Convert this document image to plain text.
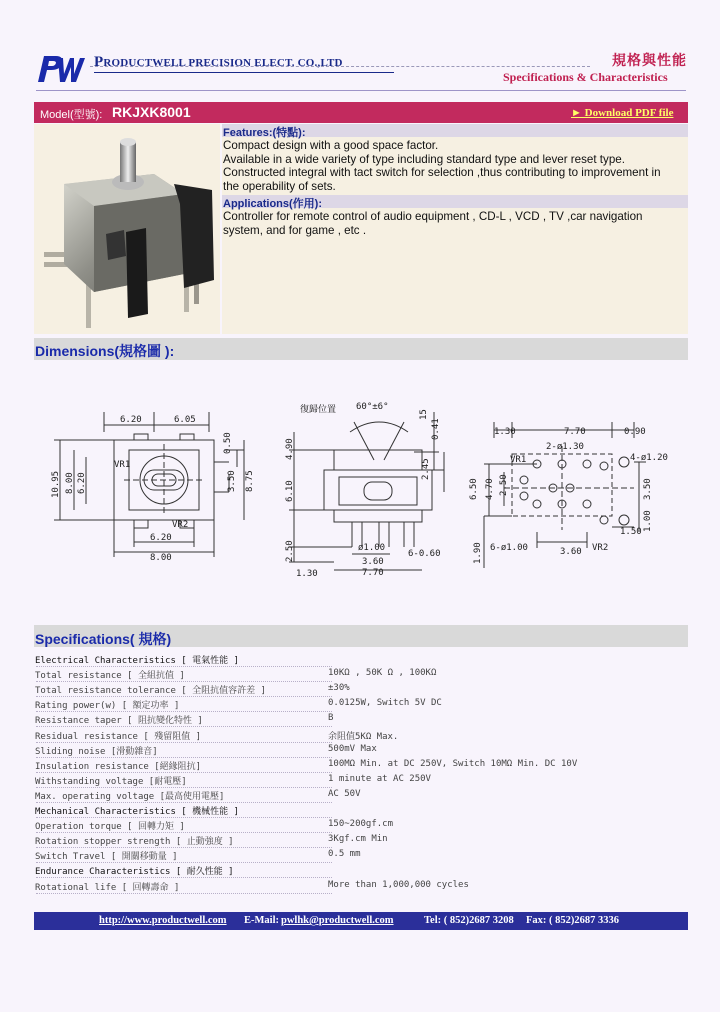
PRODUCTWELL PRECISION ELECT. CO.,LTD	規格與性能
Specifications & Characteristics
Model(型號): RKJXK8001	► Download PDF file
Features:(特點):
Compact design with a good space factor.
Available in a wide variety of type including standard type and lever reset type.
Constructed integral with tact switch for selection ,thus contributing to improvement in
the operability of sets.
Applications(作用):
Controller for remote control of audio equipment , CD-L , VCD , TV ,car navigation
system, and for game , etc .
Dimensions(規格圖 ):
6.20	6.05
VR1
0.50
10.95 8.00 6.20	3.50 8.75
VR2
6.20
8.00
復歸位置 60°±6°
0.41
15
4.90
2.45
6.10
2.50
1.30
3.60
7.70
ø1.00
6-0.60
1.30	7.70	0.90
2-ø1.30
VR1	4-ø1.20
6.50 4.70 2.50	3.50
1.50 1.00
6-ø1.00	3.60 VR2
1.90
Specifications( 規格)
Electrical Characteristics [ 電氣性能 ]
Total resistance [ 全組抗值 ]	10KΩ , 50K Ω , 100KΩ
Total resistance tolerance [ 全阻抗值容許差 ]	±30%
Rating power(w) [ 額定功率 ]	0.0125W, Switch 5V DC
Resistance taper [ 阻抗變化特性 ]	B
Residual resistance [ 殘留阻值 ]	余阻值5KΩ Max.
Sliding noise [滑動雜音]	500mV Max
Insulation resistance [絕緣阻抗]	100MΩ Min. at DC 250V, Switch 10MΩ Min. DC 10V
Withstanding voltage [耐電壓]	1 minute at AC 250V
Max. operating voltage [最高使用電壓]	AC 50V
Mechanical Characteristics [ 機械性能 ]
Operation torque [ 回轉力矩 ]	150~200gf.cm
Rotation stopper strength [ 止動強度 ]	3Kgf.cm Min
Switch Travel [ 開關移動量 ]	0.5 mm
Endurance Characteristics [ 耐久性能 ]
Rotational life [ 回轉壽命 ]	More than 1,000,000 cycles
http://www.productwell.com E-Mail: pwlhk@productwell.com	Tel: ( 852)2687 3208 Fax: ( 852)2687 3336
